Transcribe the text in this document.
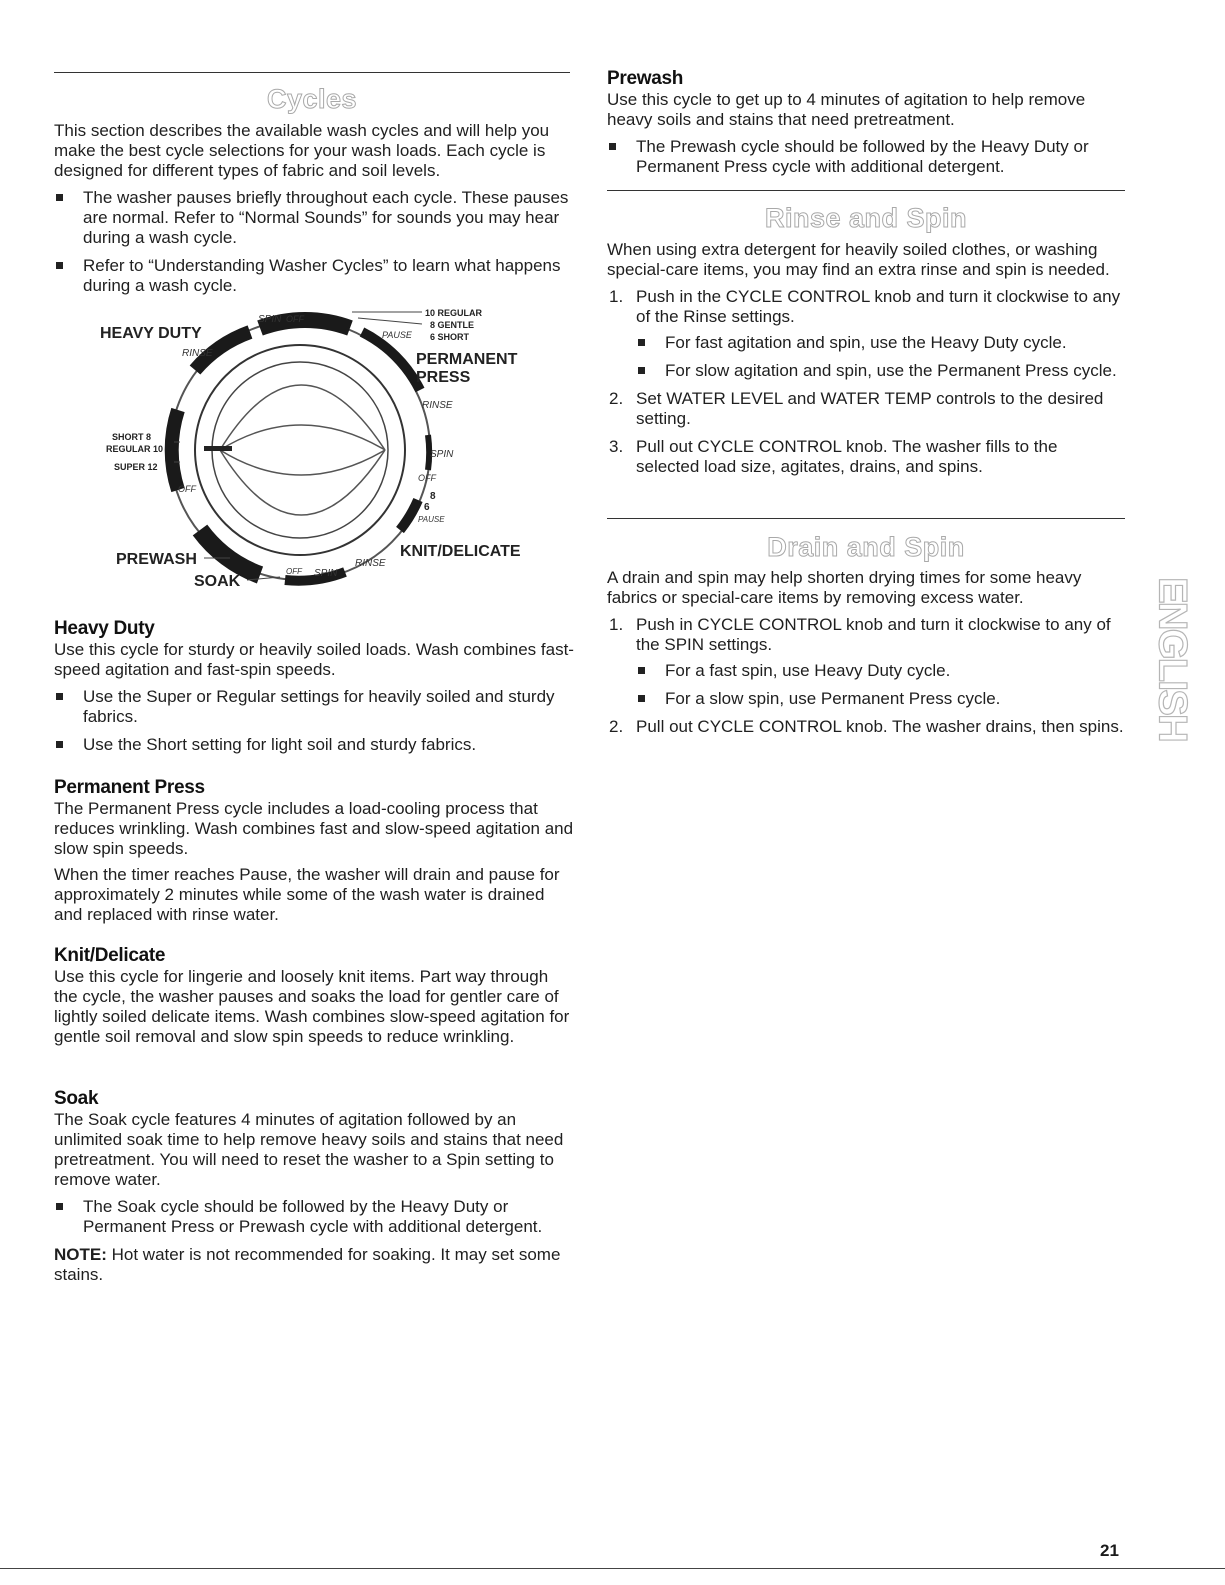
Cycles

This section describes the available wash cycles and will help you make the best cycle selections for your wash loads. Each cycle is designed for different types of fabric and soil levels.

The washer pauses briefly throughout each cycle. These pauses are normal. Refer to “Normal Sounds” for sounds you may hear during a wash cycle.
Refer to “Understanding Washer Cycles” to learn what happens during a wash cycle.
HEAVY DUTY
RINSE
SPIN OFF
PAUSE
10 REGULAR
8 GENTLE
6 SHORT
PERMANENT
PRESS
RINSE
SPIN
OFF
8
6
PAUSE
KNIT/DELICATE
SHORT 8
REGULAR 10
SUPER 12
OFF
PREWASH
SOAK
OFF SPIN
RINSE
Heavy Duty

Use this cycle for sturdy or heavily soiled loads. Wash combines fast-speed agitation and fast-spin speeds.

Use the Super or Regular settings for heavily soiled and sturdy fabrics.
Use the Short setting for light soil and sturdy fabrics.
Permanent Press

The Permanent Press cycle includes a load-cooling process that reduces wrinkling. Wash combines fast and slow-speed agitation and slow spin speeds.

When the timer reaches Pause, the washer will drain and pause for approximately 2 minutes while some of the wash water is drained and replaced with rinse water.

Knit/Delicate

Use this cycle for lingerie and loosely knit items. Part way through the cycle, the washer pauses and soaks the load for gentler care of lightly soiled delicate items. Wash combines slow-speed agitation for gentle soil removal and slow spin speeds to reduce wrinkling.

Soak

The Soak cycle features 4 minutes of agitation followed by an unlimited soak time to help remove heavy soils and stains that need pretreatment. You will need to reset the washer to a Spin setting to remove water.

The Soak cycle should be followed by the Heavy Duty or Permanent Press or Prewash cycle with additional detergent.

NOTE: Hot water is not recommended for soaking. It may set some stains.

Prewash

Use this cycle to get up to 4 minutes of agitation to help remove heavy soils and stains that need pretreatment.

The Prewash cycle should be followed by the Heavy Duty or Permanent Press cycle with additional detergent.
Rinse and Spin

When using extra detergent for heavily soiled clothes, or washing special-care items, you may find an extra rinse and spin is needed.

1. Push in the CYCLE CONTROL knob and turn it clockwise to any of the Rinse settings.
For fast agitation and spin, use the Heavy Duty cycle.
For slow agitation and spin, use the Permanent Press cycle.
2. Set WATER LEVEL and WATER TEMP controls to the desired setting.
3. Pull out CYCLE CONTROL knob. The washer fills to the selected load size, agitates, drains, and spins.
Drain and Spin

A drain and spin may help shorten drying times for some heavy fabrics or special-care items by removing excess water.

1. Push in CYCLE CONTROL knob and turn it clockwise to any of the SPIN settings.
For a fast spin, use Heavy Duty cycle.
For a slow spin, use Permanent Press cycle.
2. Pull out CYCLE CONTROL knob. The washer drains, then spins. ENGLISH
21
